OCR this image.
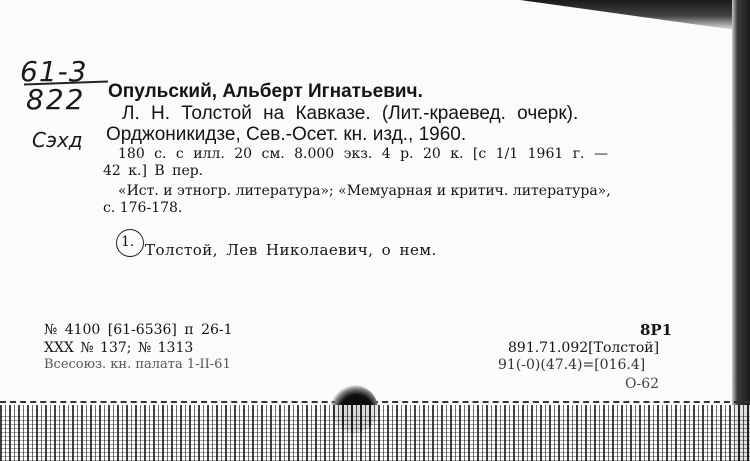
61-3
822
Сэхд
Опульский, Альберт Игнатьевич.
Л. Н. Толстой на Кавказе. (Лит.-краевед. очерк).
Орджоникидзе, Сев.-Осет. кн. изд., 1960.
180 с. с илл. 20 см. 8.000 экз. 4 р. 20 к. [с 1/1 1961 г. —
42 к.] В пер.
«Ист. и этногр. литература»; «Мемуарная и критич. литература»,
с. 176-178.
1. Толстой, Лев Николаевич, о нем.
№ 4100 [61-6536] п 26-1
XXX № 137; № 1313
Всесоюз. кн. палата 1-II-61
8Р1
891.71.092[Толстой]
91(-0)(47.4)=[016.4]
О-62
